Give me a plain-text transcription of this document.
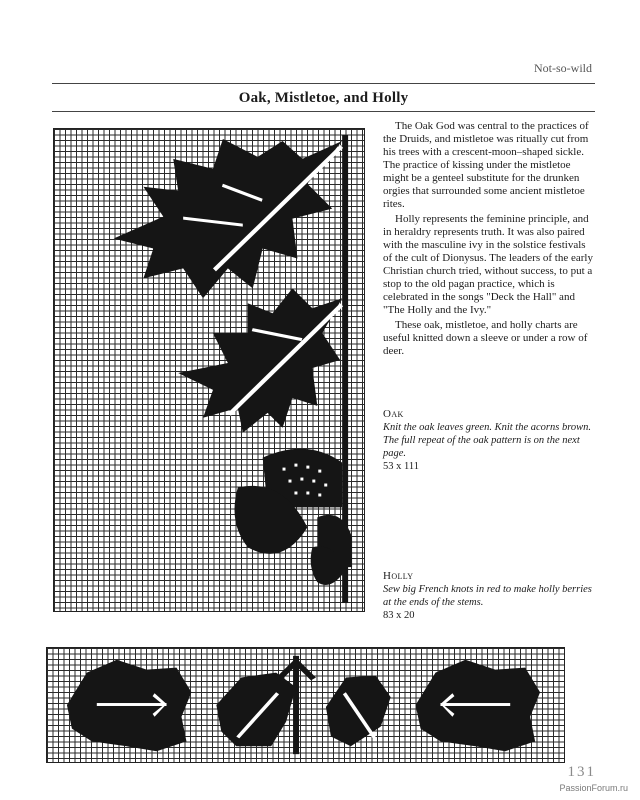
Not-so-wild
Oak, Mistletoe, and Holly

The Oak God was central to the practices of the Druids, and mistletoe was ritually cut from his trees with a crescent-moon–shaped sickle. The practice of kissing under the mistletoe might be a genteel substitute for the drunken orgies that surrounded some ancient mistletoe rites.

Holly represents the feminine principle, and in heraldry represents truth. It was also paired with the masculine ivy in the solstice festivals of the cult of Dionysus. The leaders of the early Christian church tried, without success, to put a stop to the old pagan practice, which is celebrated in the songs "Deck the Hall" and "The Holly and the Ivy."

These oak, mistletoe, and holly charts are useful knitted down a sleeve or under a row of deer.

Oak
Knit the oak leaves green. Knit the acorns brown. The full repeat of the oak pattern is on the next page.
53 x 111
Holly
Sew big French knots in red to make holly berries at the ends of the stems.
83 x 20
131
PassionForum.ru
